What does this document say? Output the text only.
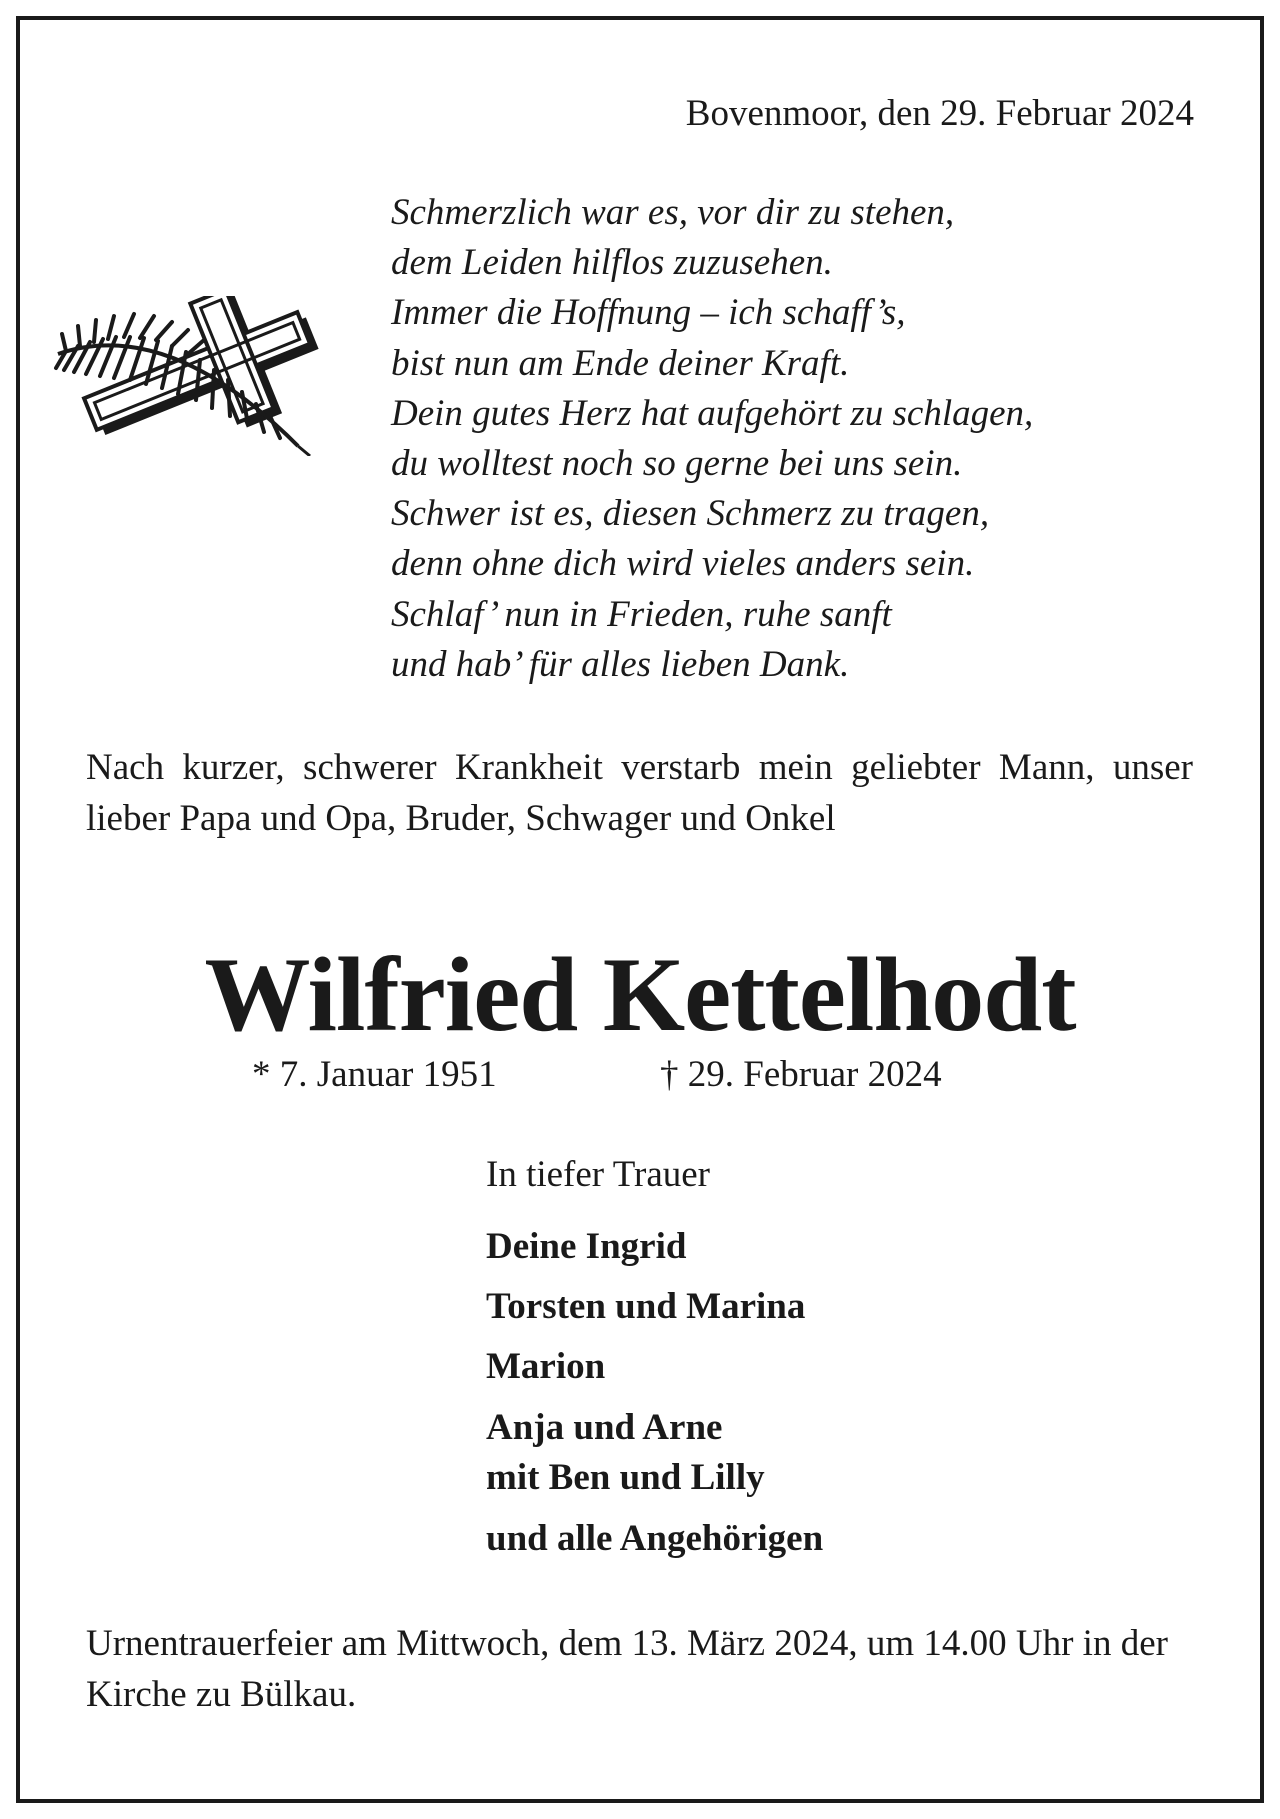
Bovenmoor, den 29. Februar 2024
Schmerzlich war es, vor dir zu stehen,
dem Leiden hilflos zuzusehen.
Immer die Hoffnung – ich schaff’s,
bist nun am Ende deiner Kraft.
Dein gutes Herz hat aufgehört zu schlagen,
du wolltest noch so gerne bei uns sein.
Schwer ist es, diesen Schmerz zu tragen,
denn ohne dich wird vieles anders sein.
Schlaf’ nun in Frieden, ruhe sanft
und hab’ für alles lieben Dank.
Nach kurzer, schwerer Krankheit verstarb mein geliebter Mann, unser lieber Papa und Opa, Bruder, Schwager und Onkel
Wilfried Kettelhodt
* 7. Januar 1951	† 29. Februar 2024
In tiefer Trauer
Deine Ingrid
Torsten und Marina
Marion
Anja und Arne
mit Ben und Lilly
und alle Angehörigen
Urnentrauerfeier am Mittwoch, dem 13. März 2024, um 14.00 Uhr in der Kirche zu Bülkau.
